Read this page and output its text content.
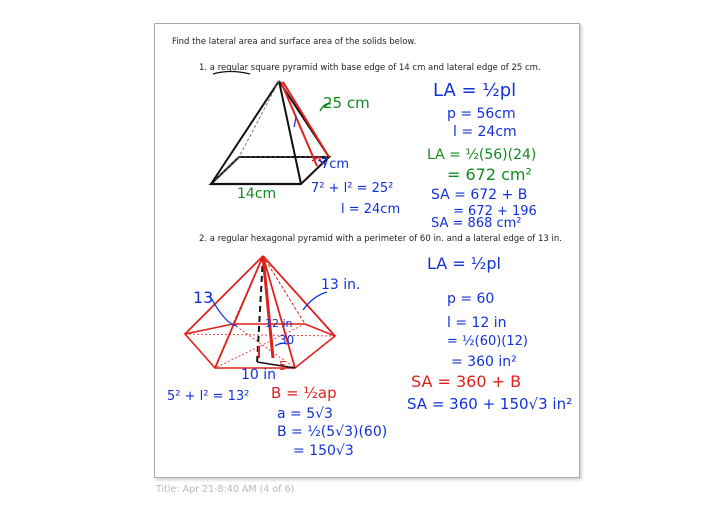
Find the lateral area and surface area of the solids below.
1. a regular square pyramid with base edge of 14 cm and lateral edge of 25 cm.
2. a regular hexagonal pyramid with a perimeter of 60 in. and a lateral edge of 13 in.
25 cm
l
7cm
14cm	7² + l² = 25²
l = 24cm
LA = ½pl
p = 56cm
l = 24cm
LA = ½(56)(24)
= 672 cm²
SA = 672 + B
= 672 + 196
SA = 868 cm²
13 in.
13
12 in
30
5
10 in
5² + l² = 13² B = ½ap
a = 5√3
B = ½(5√3)(60)
= 150√3
LA = ½pl
p = 60
l = 12 in
= ½(60)(12)
= 360 in²
SA = 360 + B
SA = 360 + 150√3 in²
Title: Apr 21-8:40 AM (4 of 6)
